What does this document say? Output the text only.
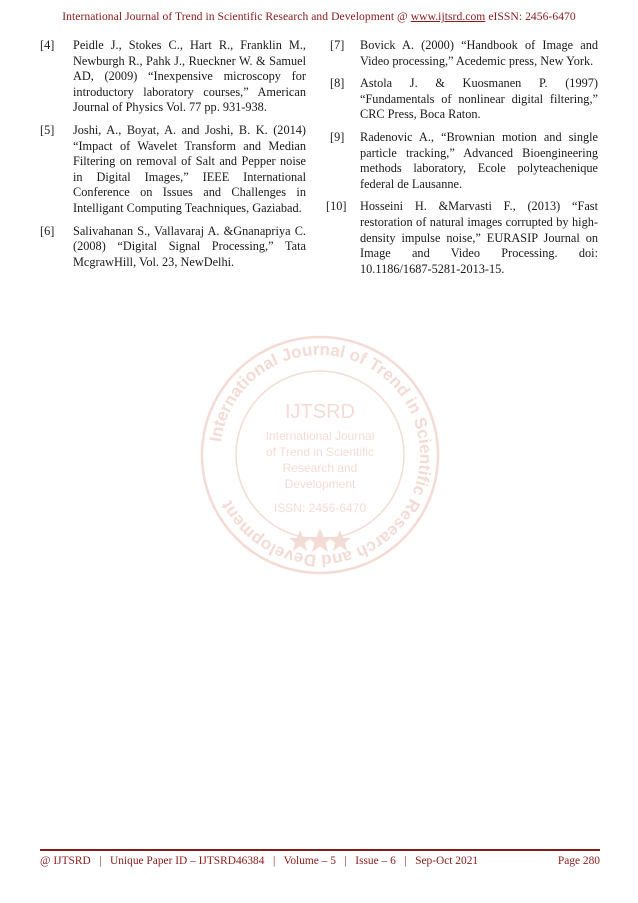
International Journal of Trend in Scientific Research and Development @ www.ijtsrd.com eISSN: 2456-6470
[4] Peidle J., Stokes C., Hart R., Franklin M., Newburgh R., Pahk J., Rueckner W. & Samuel AD, (2009) “Inexpensive microscopy for introductory laboratory courses,” American Journal of Physics Vol. 77 pp. 931-938.
[5] Joshi, A., Boyat, A. and Joshi, B. K. (2014) “Impact of Wavelet Transform and Median Filtering on removal of Salt and Pepper noise in Digital Images,” IEEE International Conference on Issues and Challenges in Intelligant Computing Teachniques, Gaziabad.
[6] Salivahanan S., Vallavaraj A. &Gnanapriya C. (2008) “Digital Signal Processing,” Tata McgrawHill, Vol. 23, NewDelhi.
[7] Bovick A. (2000) “Handbook of Image and Video processing,” Acedemic press, New York.
[8] Astola J. & Kuosmanen P. (1997) “Fundamentals of nonlinear digital filtering,” CRC Press, Boca Raton.
[9] Radenovic A., “Brownian motion and single particle tracking,” Advanced Bioengineering methods laboratory, Ecole polyteachenique federal de Lausanne.
[10] Hosseini H. &Marvasti F., (2013) “Fast restoration of natural images corrupted by high-density impulse noise,” EURASIP Journal on Image and Video Processing. doi: 10.1186/1687-5281-2013-15.
International Journal of Trend in Scientific Research and Development
IJTSRD
International Journal
of Trend in Scientific
Research and
Development
ISSN: 2456-6470
@ IJTSRD   |   Unique Paper ID – IJTSRD46384   |   Volume – 5   |   Issue – 6   |   Sep-Oct 2021	Page 280
